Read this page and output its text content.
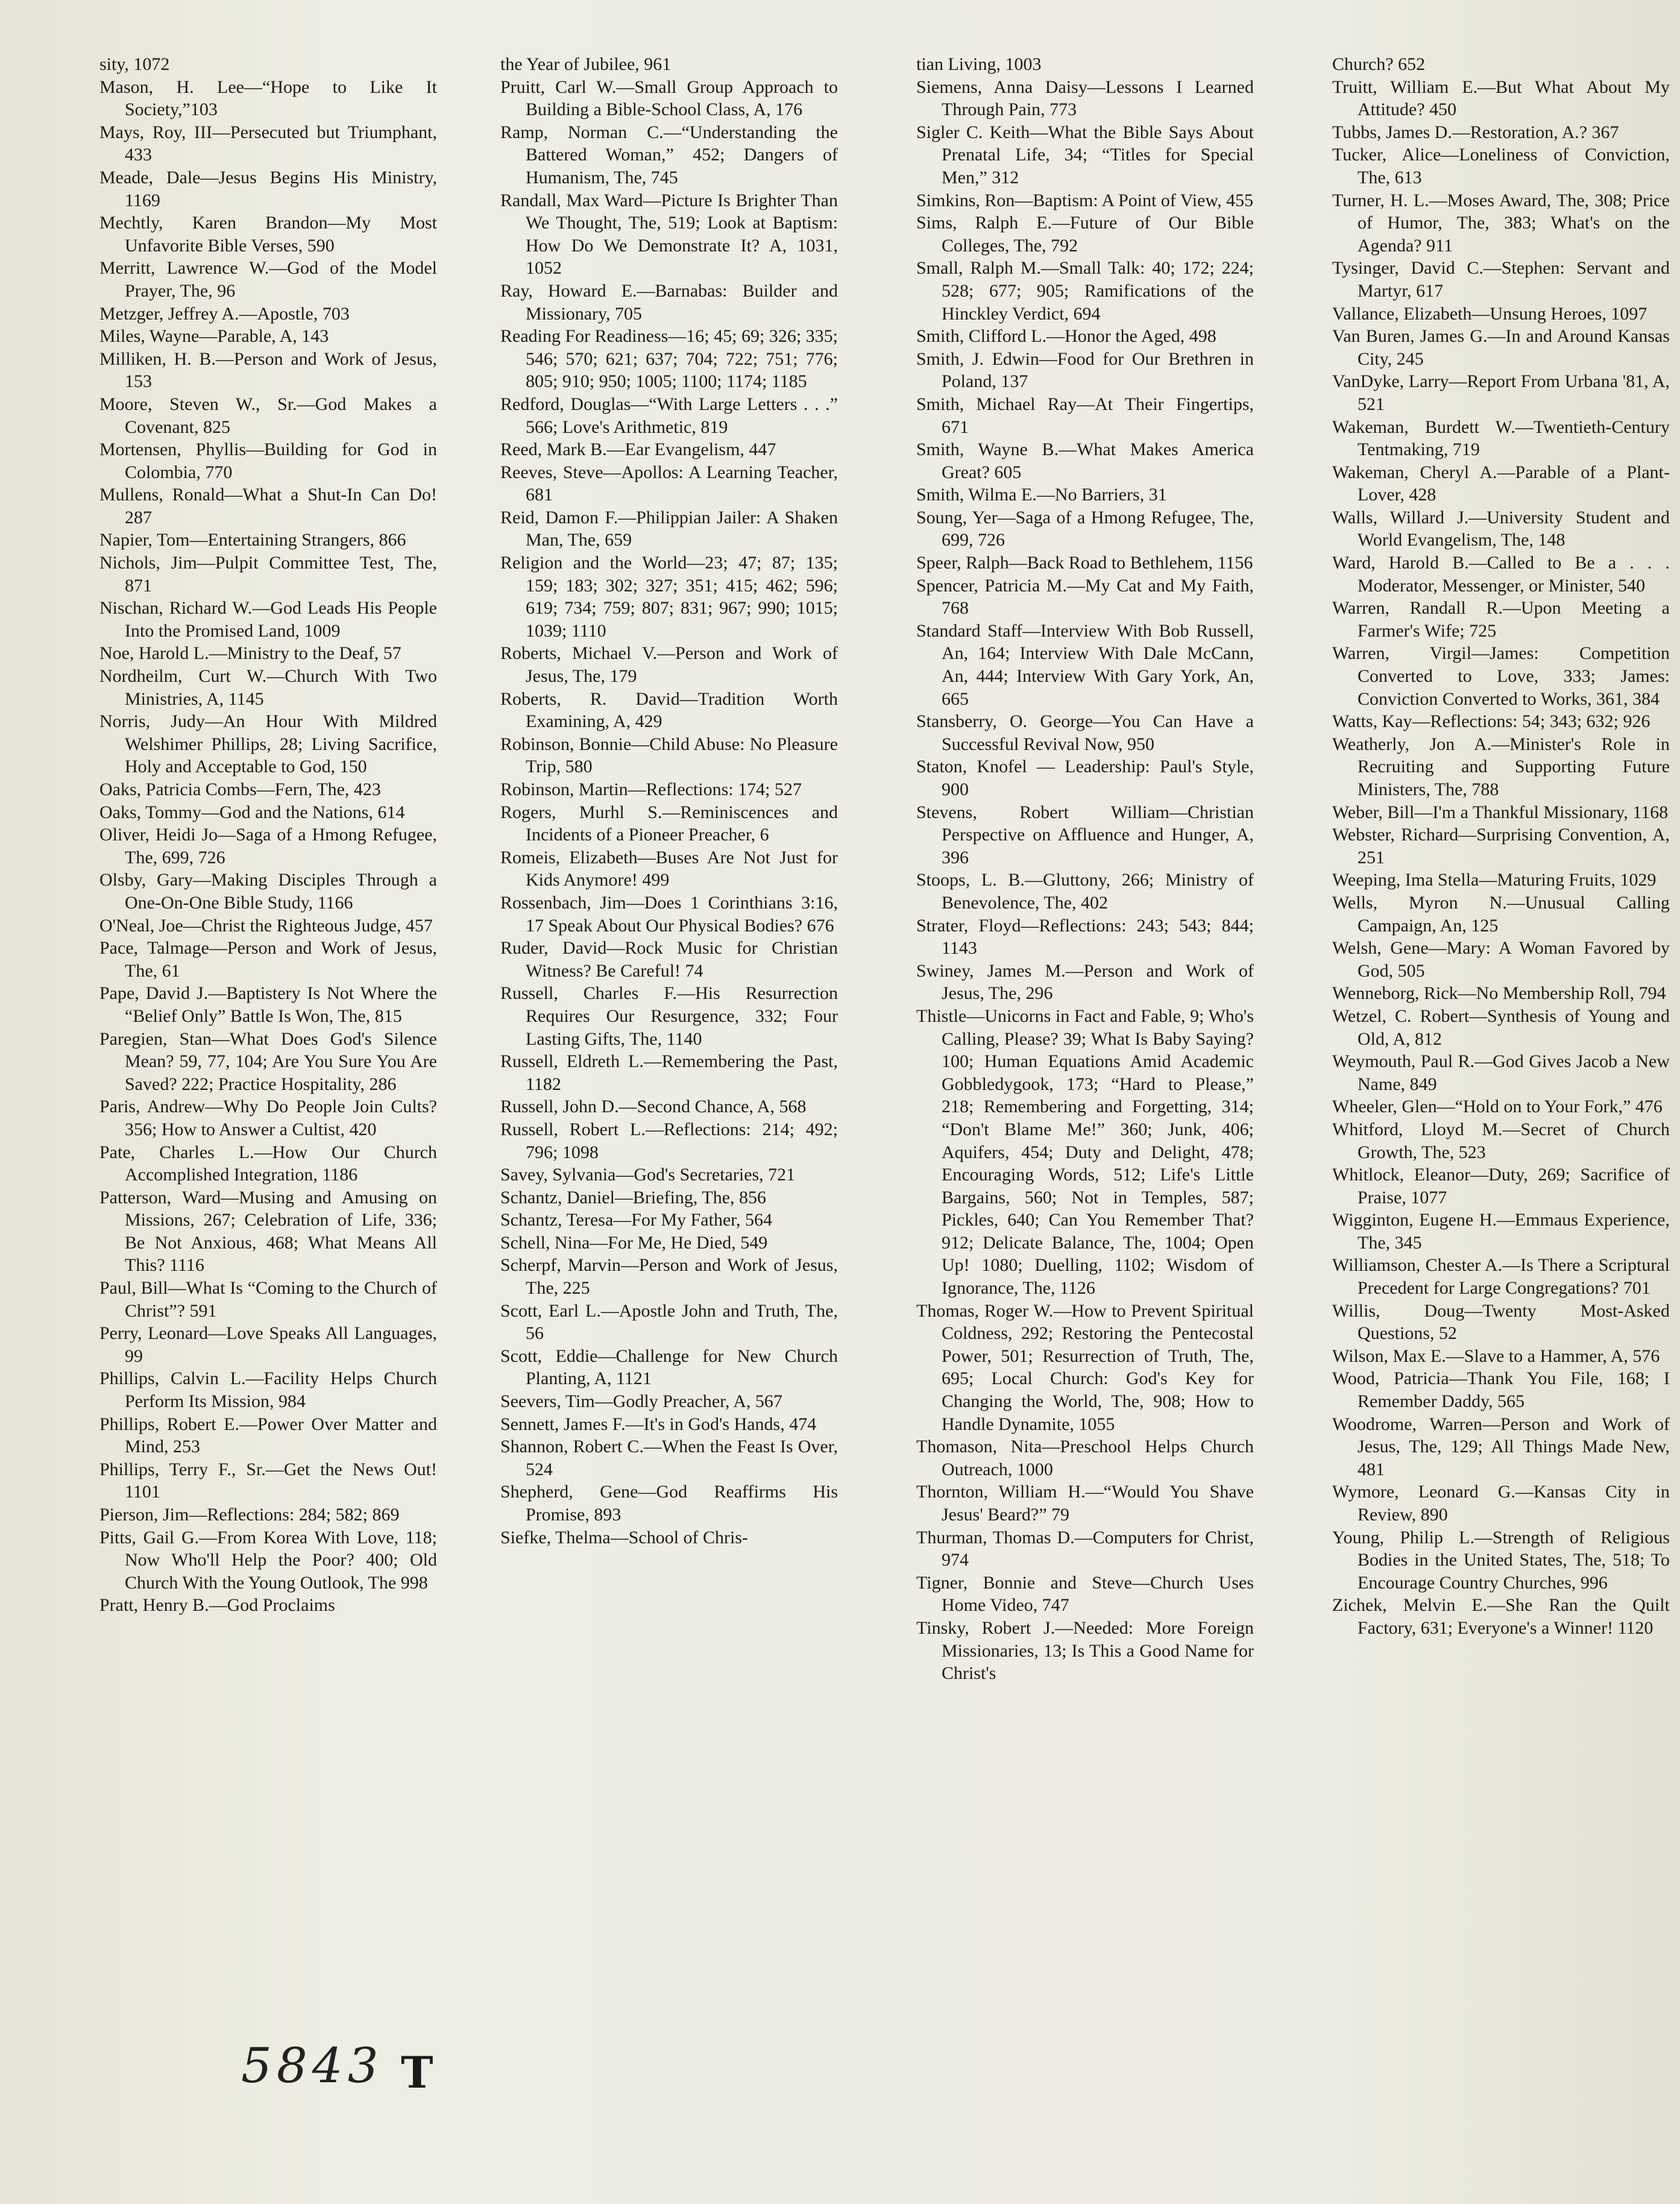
sity, 1072

Mason, H. Lee—“Hope to Like It Society,”103

Mays, Roy, III—Persecuted but Triumphant, 433

Meade, Dale—Jesus Begins His Ministry, 1169

Mechtly, Karen Brandon—My Most Unfavorite Bible Verses, 590

Merritt, Lawrence W.—God of the Model Prayer, The, 96

Metzger, Jeffrey A.—Apostle, 703

Miles, Wayne—Parable, A, 143

Milliken, H. B.—Person and Work of Jesus, 153

Moore, Steven W., Sr.—God Makes a Covenant, 825

Mortensen, Phyllis—Building for God in Colombia, 770

Mullens, Ronald—What a Shut-In Can Do! 287

Napier, Tom—Entertaining Strangers, 866

Nichols, Jim—Pulpit Committee Test, The, 871

Nischan, Richard W.—God Leads His People Into the Promised Land, 1009

Noe, Harold L.—Ministry to the Deaf, 57

Nordheilm, Curt W.—Church With Two Ministries, A, 1145

Norris, Judy—An Hour With Mildred Welshimer Phillips, 28; Living Sacrifice, Holy and Acceptable to God, 150

Oaks, Patricia Combs—Fern, The, 423

Oaks, Tommy—God and the Nations, 614

Oliver, Heidi Jo—Saga of a Hmong Refugee, The, 699, 726

Olsby, Gary—Making Disciples Through a One-On-One Bible Study, 1166

O'Neal, Joe—Christ the Righteous Judge, 457

Pace, Talmage—Person and Work of Jesus, The, 61

Pape, David J.—Baptistery Is Not Where the “Belief Only” Battle Is Won, The, 815

Paregien, Stan—What Does God's Silence Mean? 59, 77, 104; Are You Sure You Are Saved? 222; Practice Hospitality, 286

Paris, Andrew—Why Do People Join Cults? 356; How to Answer a Cultist, 420

Pate, Charles L.—How Our Church Accomplished Integration, 1186

Patterson, Ward—Musing and Amusing on Missions, 267; Celebration of Life, 336; Be Not Anxious, 468; What Means All This? 1116

Paul, Bill—What Is “Coming to the Church of Christ”? 591

Perry, Leonard—Love Speaks All Languages, 99

Phillips, Calvin L.—Facility Helps Church Perform Its Mission, 984

Phillips, Robert E.—Power Over Matter and Mind, 253

Phillips, Terry F., Sr.—Get the News Out! 1101

Pierson, Jim—Reflections: 284; 582; 869

Pitts, Gail G.—From Korea With Love, 118; Now Who'll Help the Poor? 400; Old Church With the Young Outlook, The 998

Pratt, Henry B.—God Proclaims

the Year of Jubilee, 961

Pruitt, Carl W.—Small Group Approach to Building a Bible-School Class, A, 176

Ramp, Norman C.—“Understanding the Battered Woman,” 452; Dangers of Humanism, The, 745

Randall, Max Ward—Picture Is Brighter Than We Thought, The, 519; Look at Baptism: How Do We Demonstrate It? A, 1031, 1052

Ray, Howard E.—Barnabas: Builder and Missionary, 705

Reading For Readiness—16; 45; 69; 326; 335; 546; 570; 621; 637; 704; 722; 751; 776; 805; 910; 950; 1005; 1100; 1174; 1185

Redford, Douglas—“With Large Letters . . .” 566; Love's Arithmetic, 819

Reed, Mark B.—Ear Evangelism, 447

Reeves, Steve—Apollos: A Learning Teacher, 681

Reid, Damon F.—Philippian Jailer: A Shaken Man, The, 659

Religion and the World—23; 47; 87; 135; 159; 183; 302; 327; 351; 415; 462; 596; 619; 734; 759; 807; 831; 967; 990; 1015; 1039; 1110

Roberts, Michael V.—Person and Work of Jesus, The, 179

Roberts, R. David—Tradition Worth Examining, A, 429

Robinson, Bonnie—Child Abuse: No Pleasure Trip, 580

Robinson, Martin—Reflections: 174; 527

Rogers, Murhl S.—Reminiscences and Incidents of a Pioneer Preacher, 6

Romeis, Elizabeth—Buses Are Not Just for Kids Anymore! 499

Rossenbach, Jim—Does 1 Corinthians 3:16, 17 Speak About Our Physical Bodies? 676

Ruder, David—Rock Music for Christian Witness? Be Careful! 74

Russell, Charles F.—His Resurrection Requires Our Resurgence, 332; Four Lasting Gifts, The, 1140

Russell, Eldreth L.—Remembering the Past, 1182

Russell, John D.—Second Chance, A, 568

Russell, Robert L.—Reflections: 214; 492; 796; 1098

Savey, Sylvania—God's Secretaries, 721

Schantz, Daniel—Briefing, The, 856

Schantz, Teresa—For My Father, 564

Schell, Nina—For Me, He Died, 549

Scherpf, Marvin—Person and Work of Jesus, The, 225

Scott, Earl L.—Apostle John and Truth, The, 56

Scott, Eddie—Challenge for New Church Planting, A, 1121

Seevers, Tim—Godly Preacher, A, 567

Sennett, James F.—It's in God's Hands, 474

Shannon, Robert C.—When the Feast Is Over, 524

Shepherd, Gene—God Reaffirms His Promise, 893

Siefke, Thelma—School of Chris-

tian Living, 1003

Siemens, Anna Daisy—Lessons I Learned Through Pain, 773

Sigler C. Keith—What the Bible Says About Prenatal Life, 34; “Titles for Special Men,” 312

Simkins, Ron—Baptism: A Point of View, 455

Sims, Ralph E.—Future of Our Bible Colleges, The, 792

Small, Ralph M.—Small Talk: 40; 172; 224; 528; 677; 905; Ramifications of the Hinckley Verdict, 694

Smith, Clifford L.—Honor the Aged, 498

Smith, J. Edwin—Food for Our Brethren in Poland, 137

Smith, Michael Ray—At Their Fingertips, 671

Smith, Wayne B.—What Makes America Great? 605

Smith, Wilma E.—No Barriers, 31

Soung, Yer—Saga of a Hmong Refugee, The, 699, 726

Speer, Ralph—Back Road to Bethlehem, 1156

Spencer, Patricia M.—My Cat and My Faith, 768

Standard Staff—Interview With Bob Russell, An, 164; Interview With Dale McCann, An, 444; Interview With Gary York, An, 665

Stansberry, O. George—You Can Have a Successful Revival Now, 950

Staton, Knofel — Leadership: Paul's Style, 900

Stevens, Robert William—Christian Perspective on Affluence and Hunger, A, 396

Stoops, L. B.—Gluttony, 266; Ministry of Benevolence, The, 402

Strater, Floyd—Reflections: 243; 543; 844; 1143

Swiney, James M.—Person and Work of Jesus, The, 296

Thistle—Unicorns in Fact and Fable, 9; Who's Calling, Please? 39; What Is Baby Saying? 100; Human Equations Amid Academic Gobbledygook, 173; “Hard to Please,” 218; Remembering and Forgetting, 314; “Don't Blame Me!” 360; Junk, 406; Aquifers, 454; Duty and Delight, 478; Encouraging Words, 512; Life's Little Bargains, 560; Not in Temples, 587; Pickles, 640; Can You Remember That? 912; Delicate Balance, The, 1004; Open Up! 1080; Duelling, 1102; Wisdom of Ignorance, The, 1126

Thomas, Roger W.—How to Prevent Spiritual Coldness, 292; Restoring the Pentecostal Power, 501; Resurrection of Truth, The, 695; Local Church: God's Key for Changing the World, The, 908; How to Handle Dynamite, 1055

Thomason, Nita—Preschool Helps Church Outreach, 1000

Thornton, William H.—“Would You Shave Jesus' Beard?” 79

Thurman, Thomas D.—Computers for Christ, 974

Tigner, Bonnie and Steve—Church Uses Home Video, 747

Tinsky, Robert J.—Needed: More Foreign Missionaries, 13; Is This a Good Name for Christ's

Church? 652

Truitt, William E.—But What About My Attitude? 450

Tubbs, James D.—Restoration, A.? 367

Tucker, Alice—Loneliness of Conviction, The, 613

Turner, H. L.—Moses Award, The, 308; Price of Humor, The, 383; What's on the Agenda? 911

Tysinger, David C.—Stephen: Servant and Martyr, 617

Vallance, Elizabeth—Unsung Heroes, 1097

Van Buren, James G.—In and Around Kansas City, 245

VanDyke, Larry—Report From Urbana '81, A, 521

Wakeman, Burdett W.—Twentieth-Century Tentmaking, 719

Wakeman, Cheryl A.—Parable of a Plant-Lover, 428

Walls, Willard J.—University Student and World Evangelism, The, 148

Ward, Harold B.—Called to Be a . . . Moderator, Messenger, or Minister, 540

Warren, Randall R.—Upon Meeting a Farmer's Wife; 725

Warren, Virgil—James: Competition Converted to Love, 333; James: Conviction Converted to Works, 361, 384

Watts, Kay—Reflections: 54; 343; 632; 926

Weatherly, Jon A.—Minister's Role in Recruiting and Supporting Future Ministers, The, 788

Weber, Bill—I'm a Thankful Missionary, 1168

Webster, Richard—Surprising Convention, A, 251

Weeping, Ima Stella—Maturing Fruits, 1029

Wells, Myron N.—Unusual Calling Campaign, An, 125

Welsh, Gene—Mary: A Woman Favored by God, 505

Wenneborg, Rick—No Membership Roll, 794

Wetzel, C. Robert—Synthesis of Young and Old, A, 812

Weymouth, Paul R.—God Gives Jacob a New Name, 849

Wheeler, Glen—“Hold on to Your Fork,” 476

Whitford, Lloyd M.—Secret of Church Growth, The, 523

Whitlock, Eleanor—Duty, 269; Sacrifice of Praise, 1077

Wigginton, Eugene H.—Emmaus Experience, The, 345

Williamson, Chester A.—Is There a Scriptural Precedent for Large Congregations? 701

Willis, Doug—Twenty Most-Asked Questions, 52

Wilson, Max E.—Slave to a Hammer, A, 576

Wood, Patricia—Thank You File, 168; I Remember Daddy, 565

Woodrome, Warren—Person and Work of Jesus, The, 129; All Things Made New, 481

Wymore, Leonard G.—Kansas City in Review, 890

Young, Philip L.—Strength of Religious Bodies in the United States, The, 518; To Encourage Country Churches, 996

Zichek, Melvin E.—She Ran the Quilt Factory, 631; Everyone's a Winner! 1120

5843 T
